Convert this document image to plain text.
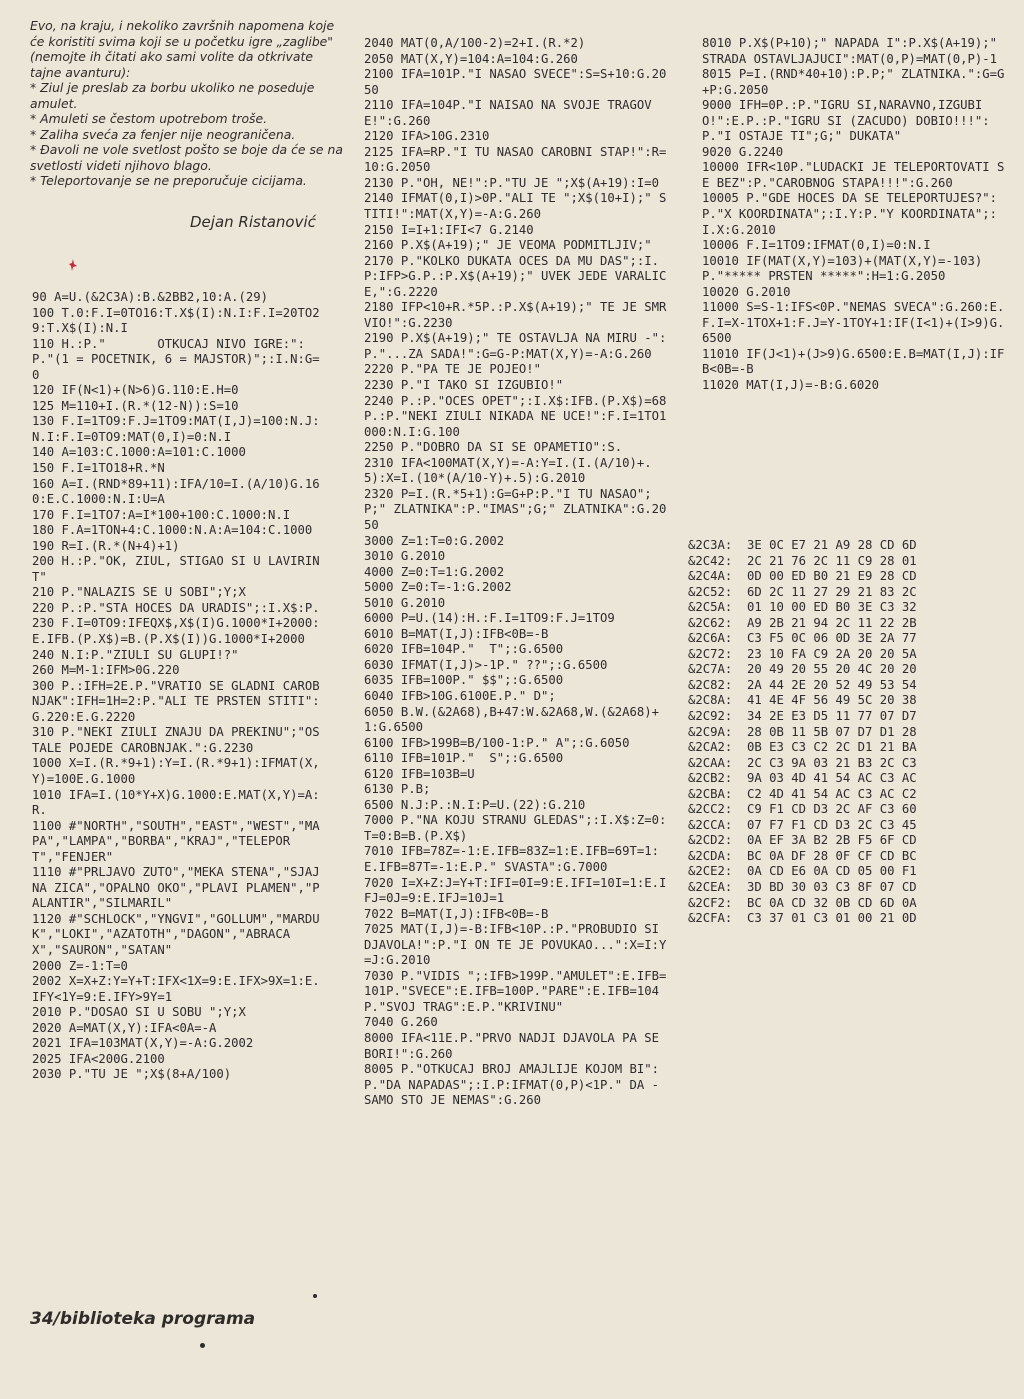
Evo, na kraju, i nekoliko završnih napomena koje će koristiti svima koji se u početku igre „zaglibe" (nemojte ih čitati ako sami volite da otkrivate tajne avanturu):

* Ziul je preslab za borbu ukoliko ne poseduje amulet.

* Amuleti se čestom upotrebom troše.

* Zaliha sveća za fenjer nije neograničena.

* Đavoli ne vole svetlost pošto se boje da će se na svetlosti videti njihovo blago.

* Teleportovanje se ne preporučuje cicijama.

Dejan Ristanović
90 A=U.(&2C3A):B.&2BB2,10:A.(29)
100 T.0:F.I=0TO16:T.X$(I):N.I:F.I=20TO29:T.X$(I):N.I
110 H.:P."       OTKUCAJ NIVO IGRE:":P."(1 = POCETNIK, 6 = MAJSTOR)";:I.N:G=0
120 IF(N<1)+(N>6)G.110:E.H=0
125 M=110+I.(R.*(12-N)):S=10
130 F.I=1TO9:F.J=1TO9:MAT(I,J)=100:N.J:N.I:F.I=0TO9:MAT(0,I)=0:N.I
140 A=103:C.1000:A=101:C.1000
150 F.I=1TO18+R.*N
160 A=I.(RND*89+11):IFA/10=I.(A/10)G.160:E.C.1000:N.I:U=A
170 F.I=1TO7:A=I*100+100:C.1000:N.I
180 F.A=1TON+4:C.1000:N.A:A=104:C.1000
190 R=I.(R.*(N+4)+1)
200 H.:P."OK, ZIUL, STIGAO SI U LAVIRINT"
210 P."NALAZIS SE U SOBI";Y;X
220 P.:P."STA HOCES DA URADIS";:I.X$:P.
230 F.I=0TO9:IFEQX$,X$(I)G.1000*I+2000:E.IFB.(P.X$)=B.(P.X$(I))G.1000*I+2000
240 N.I:P."ZIULI SU GLUPI!?"
260 M=M-1:IFM>0G.220
300 P.:IFH=2E.P."VRATIO SE GLADNI CAROBNJAK":IFH=1H=2:P."ALI TE PRSTEN STITI":G.220:E.G.2220
310 P."NEKI ZIULI ZNAJU DA PREKINU";"OSTALE POJEDE CAROBNJAK.":G.2230
1000 X=I.(R.*9+1):Y=I.(R.*9+1):IFMAT(X,Y)=100E.G.1000
1010 IFA=I.(10*Y+X)G.1000:E.MAT(X,Y)=A:R.
1100 #"NORTH","SOUTH","EAST","WEST","MAPA","LAMPA","BORBA","KRAJ","TELEPORT","FENJER"
1110 #"PRLJAVO ZUTO","MEKA STENA","SJAJNA ZICA","OPALNO OKO","PLAVI PLAMEN","PALANTIR","SILMARIL"
1120 #"SCHLOCK","YNGVI","GOLLUM","MARDUK","LOKI","AZATOTH","DAGON","ABRACAX","SAURON","SATAN"
2000 Z=-1:T=0
2002 X=X+Z:Y=Y+T:IFX<1X=9:E.IFX>9X=1:E.IFY<1Y=9:E.IFY>9Y=1
2010 P."DOSAO SI U SOBU ";Y;X
2020 A=MAT(X,Y):IFA<0A=-A
2021 IFA=103MAT(X,Y)=-A:G.2002
2025 IFA<200G.2100
2030 P."TU JE ";X$(8+A/100)
2040 MAT(0,A/100-2)=2+I.(R.*2)
2050 MAT(X,Y)=104:A=104:G.260
2100 IFA=101P."I NASAO SVECE":S=S+10:G.2050
2110 IFA=104P."I NAISAO NA SVOJE TRAGOVE!":G.260
2120 IFA>10G.2310
2125 IFA=RP."I TU NASAO CAROBNI STAP!":R=10:G.2050
2130 P."OH, NE!":P."TU JE ";X$(A+19):I=0
2140 IFMAT(0,I)>0P."ALI TE ";X$(10+I);" STITI!":MAT(X,Y)=-A:G.260
2150 I=I+1:IFI<7 G.2140
2160 P.X$(A+19);" JE VEOMA PODMITLJIV;"
2170 P."KOLKO DUKATA OCES DA MU DAS";:I.P:IFP>G.P.:P.X$(A+19);" UVEK JEDE VARALICE,":G.2220
2180 IFP<10+R.*5P.:P.X$(A+19);" TE JE SMRVIO!":G.2230
2190 P.X$(A+19);" TE OSTAVLJA NA MIRU -":P."...ZA SADA!":G=G-P:MAT(X,Y)=-A:G.260
2220 P."PA TE JE POJEO!"
2230 P."I TAKO SI IZGUBIO!"
2240 P.:P."OCES OPET";:I.X$:IFB.(P.X$)=68P.:P."NEKI ZIULI NIKADA NE UCE!":F.I=1TO1000:N.I:G.100
2250 P."DOBRO DA SI SE OPAMETIO":S.
2310 IFA<100MAT(X,Y)=-A:Y=I.(I.(A/10)+.5):X=I.(10*(A/10-Y)+.5):G.2010
2320 P=I.(R.*5+1):G=G+P:P."I TU NASAO";P;" ZLATNIKA":P."IMAS";G;" ZLATNIKA":G.2050
3000 Z=1:T=0:G.2002
3010 G.2010
4000 Z=0:T=1:G.2002
5000 Z=0:T=-1:G.2002
5010 G.2010
6000 P=U.(14):H.:F.I=1TO9:F.J=1TO9
6010 B=MAT(I,J):IFB<0B=-B
6020 IFB=104P."  T";:G.6500
6030 IFMAT(I,J)>-1P." ??";:G.6500
6035 IFB=100P." $$";:G.6500
6040 IFB>10G.6100E.P." D";
6050 B.W.(&2A68),B+47:W.&2A68,W.(&2A68)+1:G.6500
6100 IFB>199B=B/100-1:P." A";:G.6050
6110 IFB=101P."  S";:G.6500
6120 IFB=103B=U
6130 P.B;
6500 N.J:P.:N.I:P=U.(22):G.210
7000 P."NA KOJU STRANU GLEDAS";:I.X$:Z=0:T=0:B=B.(P.X$)
7010 IFB=78Z=-1:E.IFB=83Z=1:E.IFB=69T=1:E.IFB=87T=-1:E.P." SVASTA":G.7000
7020 I=X+Z:J=Y+T:IFI=0I=9:E.IFI=10I=1:E.IFJ=0J=9:E.IFJ=10J=1
7022 B=MAT(I,J):IFB<0B=-B
7025 MAT(I,J)=-B:IFB<10P.:P."PROBUDIO SI DJAVOLA!":P."I ON TE JE POVUKAO...":X=I:Y=J:G.2010
7030 P."VIDIS ";:IFB>199P."AMULET":E.IFB=101P."SVECE":E.IFB=100P."PARE":E.IFB=104P."SVOJ TRAG":E.P."KRIVINU"
7040 G.260
8000 IFA<11E.P."PRVO NADJI DJAVOLA PA SE BORI!":G.260
8005 P."OTKUCAJ BROJ AMAJLIJE KOJOM BI":P."DA NAPADAS";:I.P:IFMAT(0,P)<1P." DA - SAMO STO JE NEMAS":G.260
8010 P.X$(P+10);" NAPADA I":P.X$(A+19);" STRADA OSTAVLJAJUCI":MAT(0,P)=MAT(0,P)-1
8015 P=I.(RND*40+10):P.P;" ZLATNIKA.":G=G+P:G.2050
9000 IFH=0P.:P."IGRU SI,NARAVNO,IZGUBIO!":E.P.:P."IGRU SI (ZACUDO) DOBIO!!!":P."I OSTAJE TI";G;" DUKATA"
9020 G.2240
10000 IFR<10P."LUDACKI JE TELEPORTOVATI SE BEZ":P."CAROBNOG STAPA!!!":G.260
10005 P."GDE HOCES DA SE TELEPORTUJES?":P."X KOORDINATA";:I.Y:P."Y KOORDINATA";:I.X:G.2010
10006 F.I=1TO9:IFMAT(0,I)=0:N.I
10010 IF(MAT(X,Y)=103)+(MAT(X,Y)=-103)P."***** PRSTEN *****":H=1:G.2050
10020 G.2010
11000 S=S-1:IFS<0P."NEMAS SVECA":G.260:E.F.I=X-1TOX+1:F.J=Y-1TOY+1:IF(I<1)+(I>9)G.6500
11010 IF(J<1)+(J>9)G.6500:E.B=MAT(I,J):IFB<0B=-B
11020 MAT(I,J)=-B:G.6020
&2C3A: 3E 0C E7 21 A9 28 CD 6D
&2C42: 2C 21 76 2C 11 C9 28 01
&2C4A: 0D 00 ED B0 21 E9 28 CD
&2C52: 6D 2C 11 27 29 21 83 2C
&2C5A: 01 10 00 ED B0 3E C3 32
&2C62: A9 2B 21 94 2C 11 22 2B
&2C6A: C3 F5 0C 06 0D 3E 2A 77
&2C72: 23 10 FA C9 2A 20 20 5A
&2C7A: 20 49 20 55 20 4C 20 20
&2C82: 2A 44 2E 20 52 49 53 54
&2C8A: 41 4E 4F 56 49 5C 20 38
&2C92: 34 2E E3 D5 11 77 07 D7
&2C9A: 28 0B 11 5B 07 D7 D1 28
&2CA2: 0B E3 C3 C2 2C D1 21 BA
&2CAA: 2C C3 9A 03 21 B3 2C C3
&2CB2: 9A 03 4D 41 54 AC C3 AC
&2CBA: C2 4D 41 54 AC C3 AC C2
&2CC2: C9 F1 CD D3 2C AF C3 60
&2CCA: 07 F7 F1 CD D3 2C C3 45
&2CD2: 0A EF 3A B2 2B F5 6F CD
&2CDA: BC 0A DF 28 0F CF CD BC
&2CE2: 0A CD E6 0A CD 05 00 F1
&2CEA: 3D BD 30 03 C3 8F 07 CD
&2CF2: BC 0A CD 32 0B CD 6D 0A
&2CFA: C3 37 01 C3 01 00 21 0D
34/biblioteka programa
